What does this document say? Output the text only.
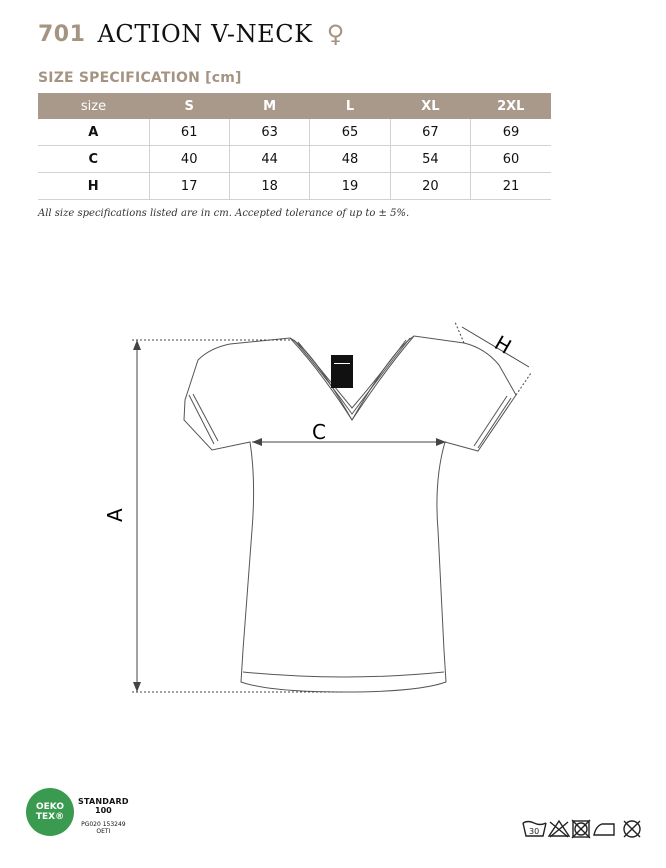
701 ACTION V-NECK ♀
SIZE SPECIFICATION [cm]
size	S	M	L	XL	2XL
A	61	63	65	67	69
C	40	44	48	54	60
H	17	18	19	20	21
All size specifications listed are in cm. Accepted tolerance of up to ± 5%.
A
C
H
OEKO
TEX®
STANDARD
100
PG020 153249
OETI	30
